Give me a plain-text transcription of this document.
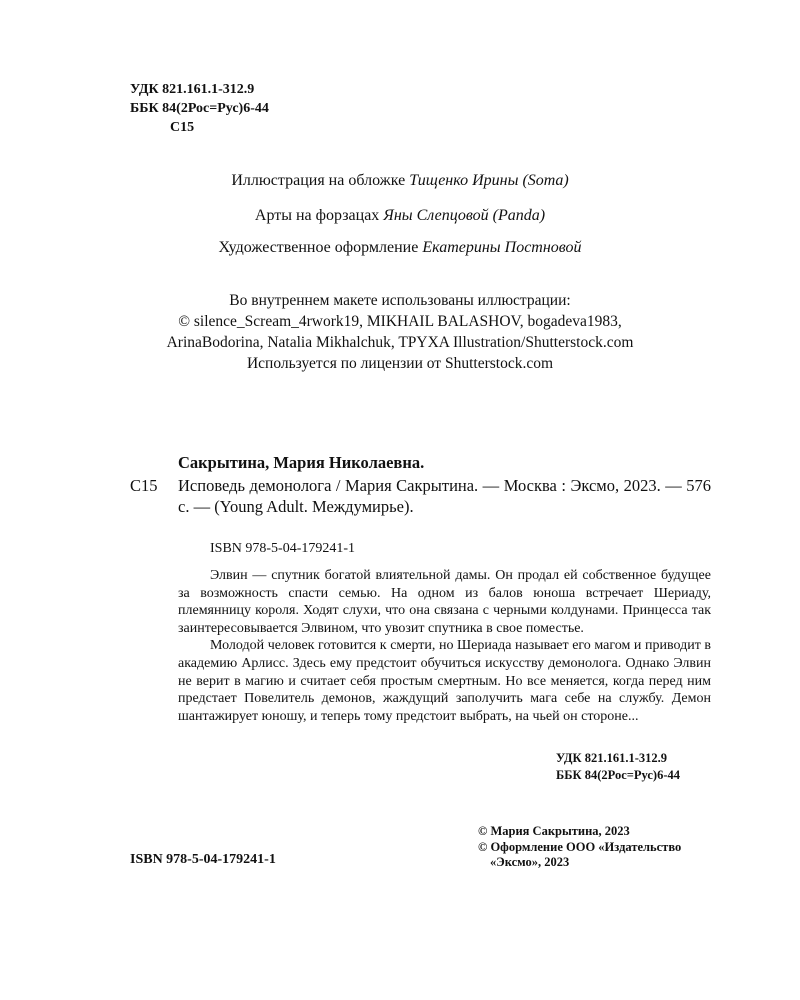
УДК 821.161.1-312.9
ББК 84(2Рос=Рус)6-44
С15
Иллюстрация на обложке Тищенко Ирины (Soma)
Арты на форзацах Яны Слепцовой (Panda)
Художественное оформление Екатерины Постновой
Во внутреннем макете использованы иллюстрации:
© silence_Scream_4rwork19, MIKHAIL BALASHOV, bogadeva1983,
ArinaBodorina, Natalia Mikhalchuk, TPYXA Illustration/Shutterstock.com
Используется по лицензии от Shutterstock.com
Сакрытина, Мария Николаевна.
С15 Исповедь демонолога / Мария Сакрытина. — Москва : Эксмо, 2023. — 576 с. — (Young Adult. Междумирье).
ISBN 978-5-04-179241-1

Элвин — спутник богатой влиятельной дамы. Он продал ей собственное будущее за возможность спасти семью. На одном из балов юноша встречает Шериаду, племянницу короля. Ходят слухи, что она связана с черными колдунами. Принцесса так заинтересовывается Элвином, что увозит спутника в свое поместье.

Молодой человек готовится к смерти, но Шериада называет его магом и приводит в академию Арлисс. Здесь ему предстоит обучиться искусству демонолога. Однако Элвин не верит в магию и считает себя простым смертным. Но все меняется, когда перед ним предстает Повелитель демонов, жаждущий заполучить мага себе на службу. Демон шантажирует юношу, и теперь тому предстоит выбрать, на чьей он стороне...

УДК 821.161.1-312.9
ББК 84(2Рос=Рус)6-44
ISBN 978-5-04-179241-1
© Мария Сакрытина, 2023
© Оформление ООО «Издательство
«Эксмо», 2023
